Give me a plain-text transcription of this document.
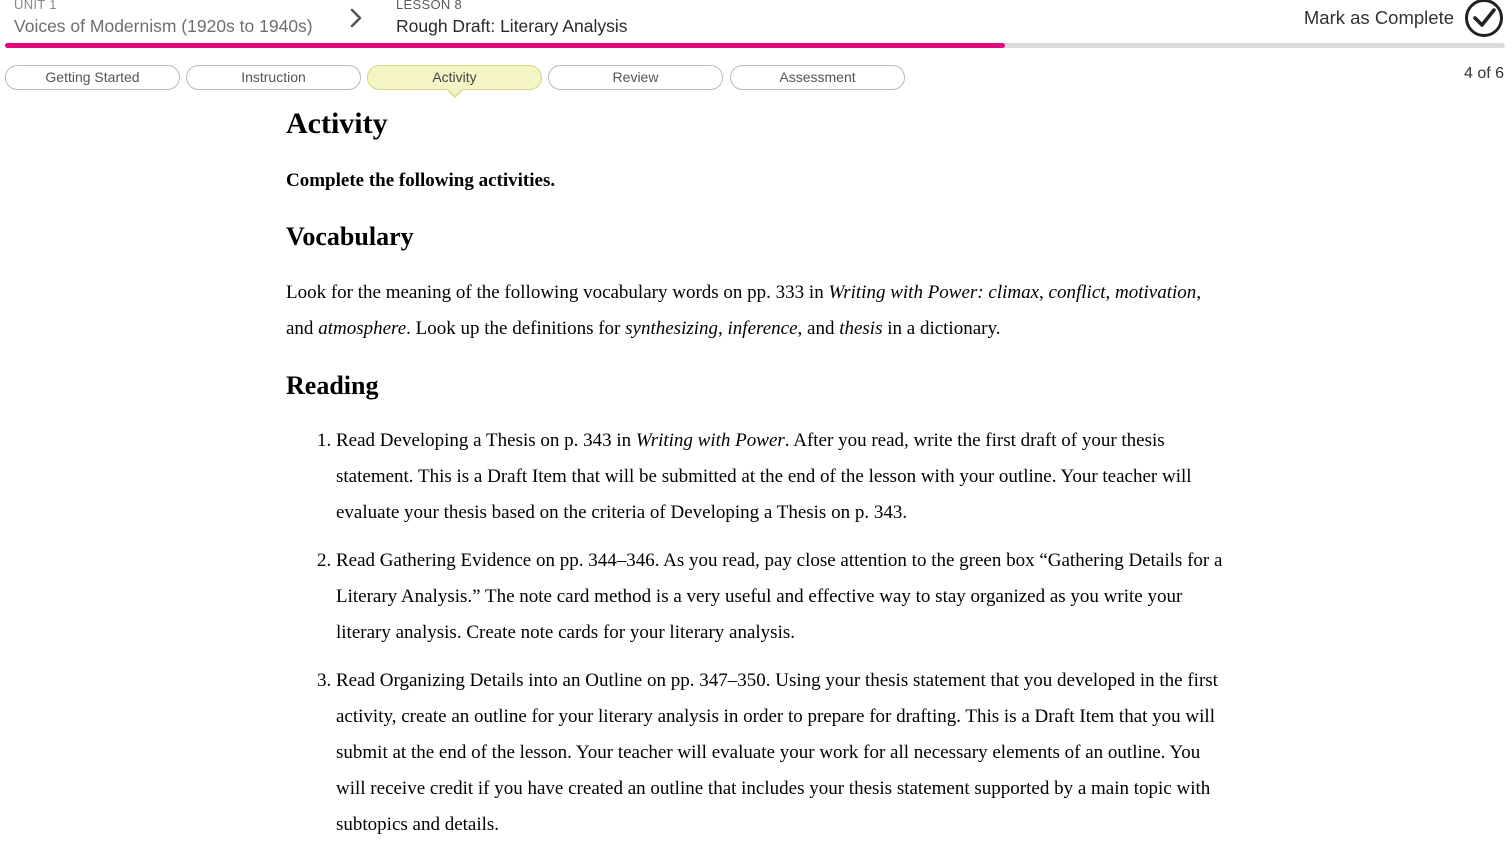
UNIT 1
Voices of Modernism (1920s to 1940s)
LESSON 8
Rough Draft: Literary Analysis	Mark as Complete
Getting Started	Instruction	Activity	Review	Assessment	4 of 6
Activity

Complete the following activities.

Vocabulary

Look for the meaning of the following vocabulary words on pp. 333 in Writing with Power: climax, conflict, motivation, and atmosphere. Look up the definitions for synthesizing, inference, and thesis in a dictionary.

Reading
1. Read Developing a Thesis on p. 343 in Writing with Power. After you read, write the first draft of your thesis statement. This is a Draft Item that will be submitted at the end of the lesson with your outline. Your teacher will evaluate your thesis based on the criteria of Developing a Thesis on p. 343.
2. Read Gathering Evidence on pp. 344–346. As you read, pay close attention to the green box “Gathering Details for a Literary Analysis.” The note card method is a very useful and effective way to stay organized as you write your literary analysis. Create note cards for your literary analysis.
3. Read Organizing Details into an Outline on pp. 347–350. Using your thesis statement that you developed in the first activity, create an outline for your literary analysis in order to prepare for drafting. This is a Draft Item that you will submit at the end of the lesson. Your teacher will evaluate your work for all necessary elements of an outline. You will receive credit if you have created an outline that includes your thesis statement supported by a main topic with subtopics and details.
